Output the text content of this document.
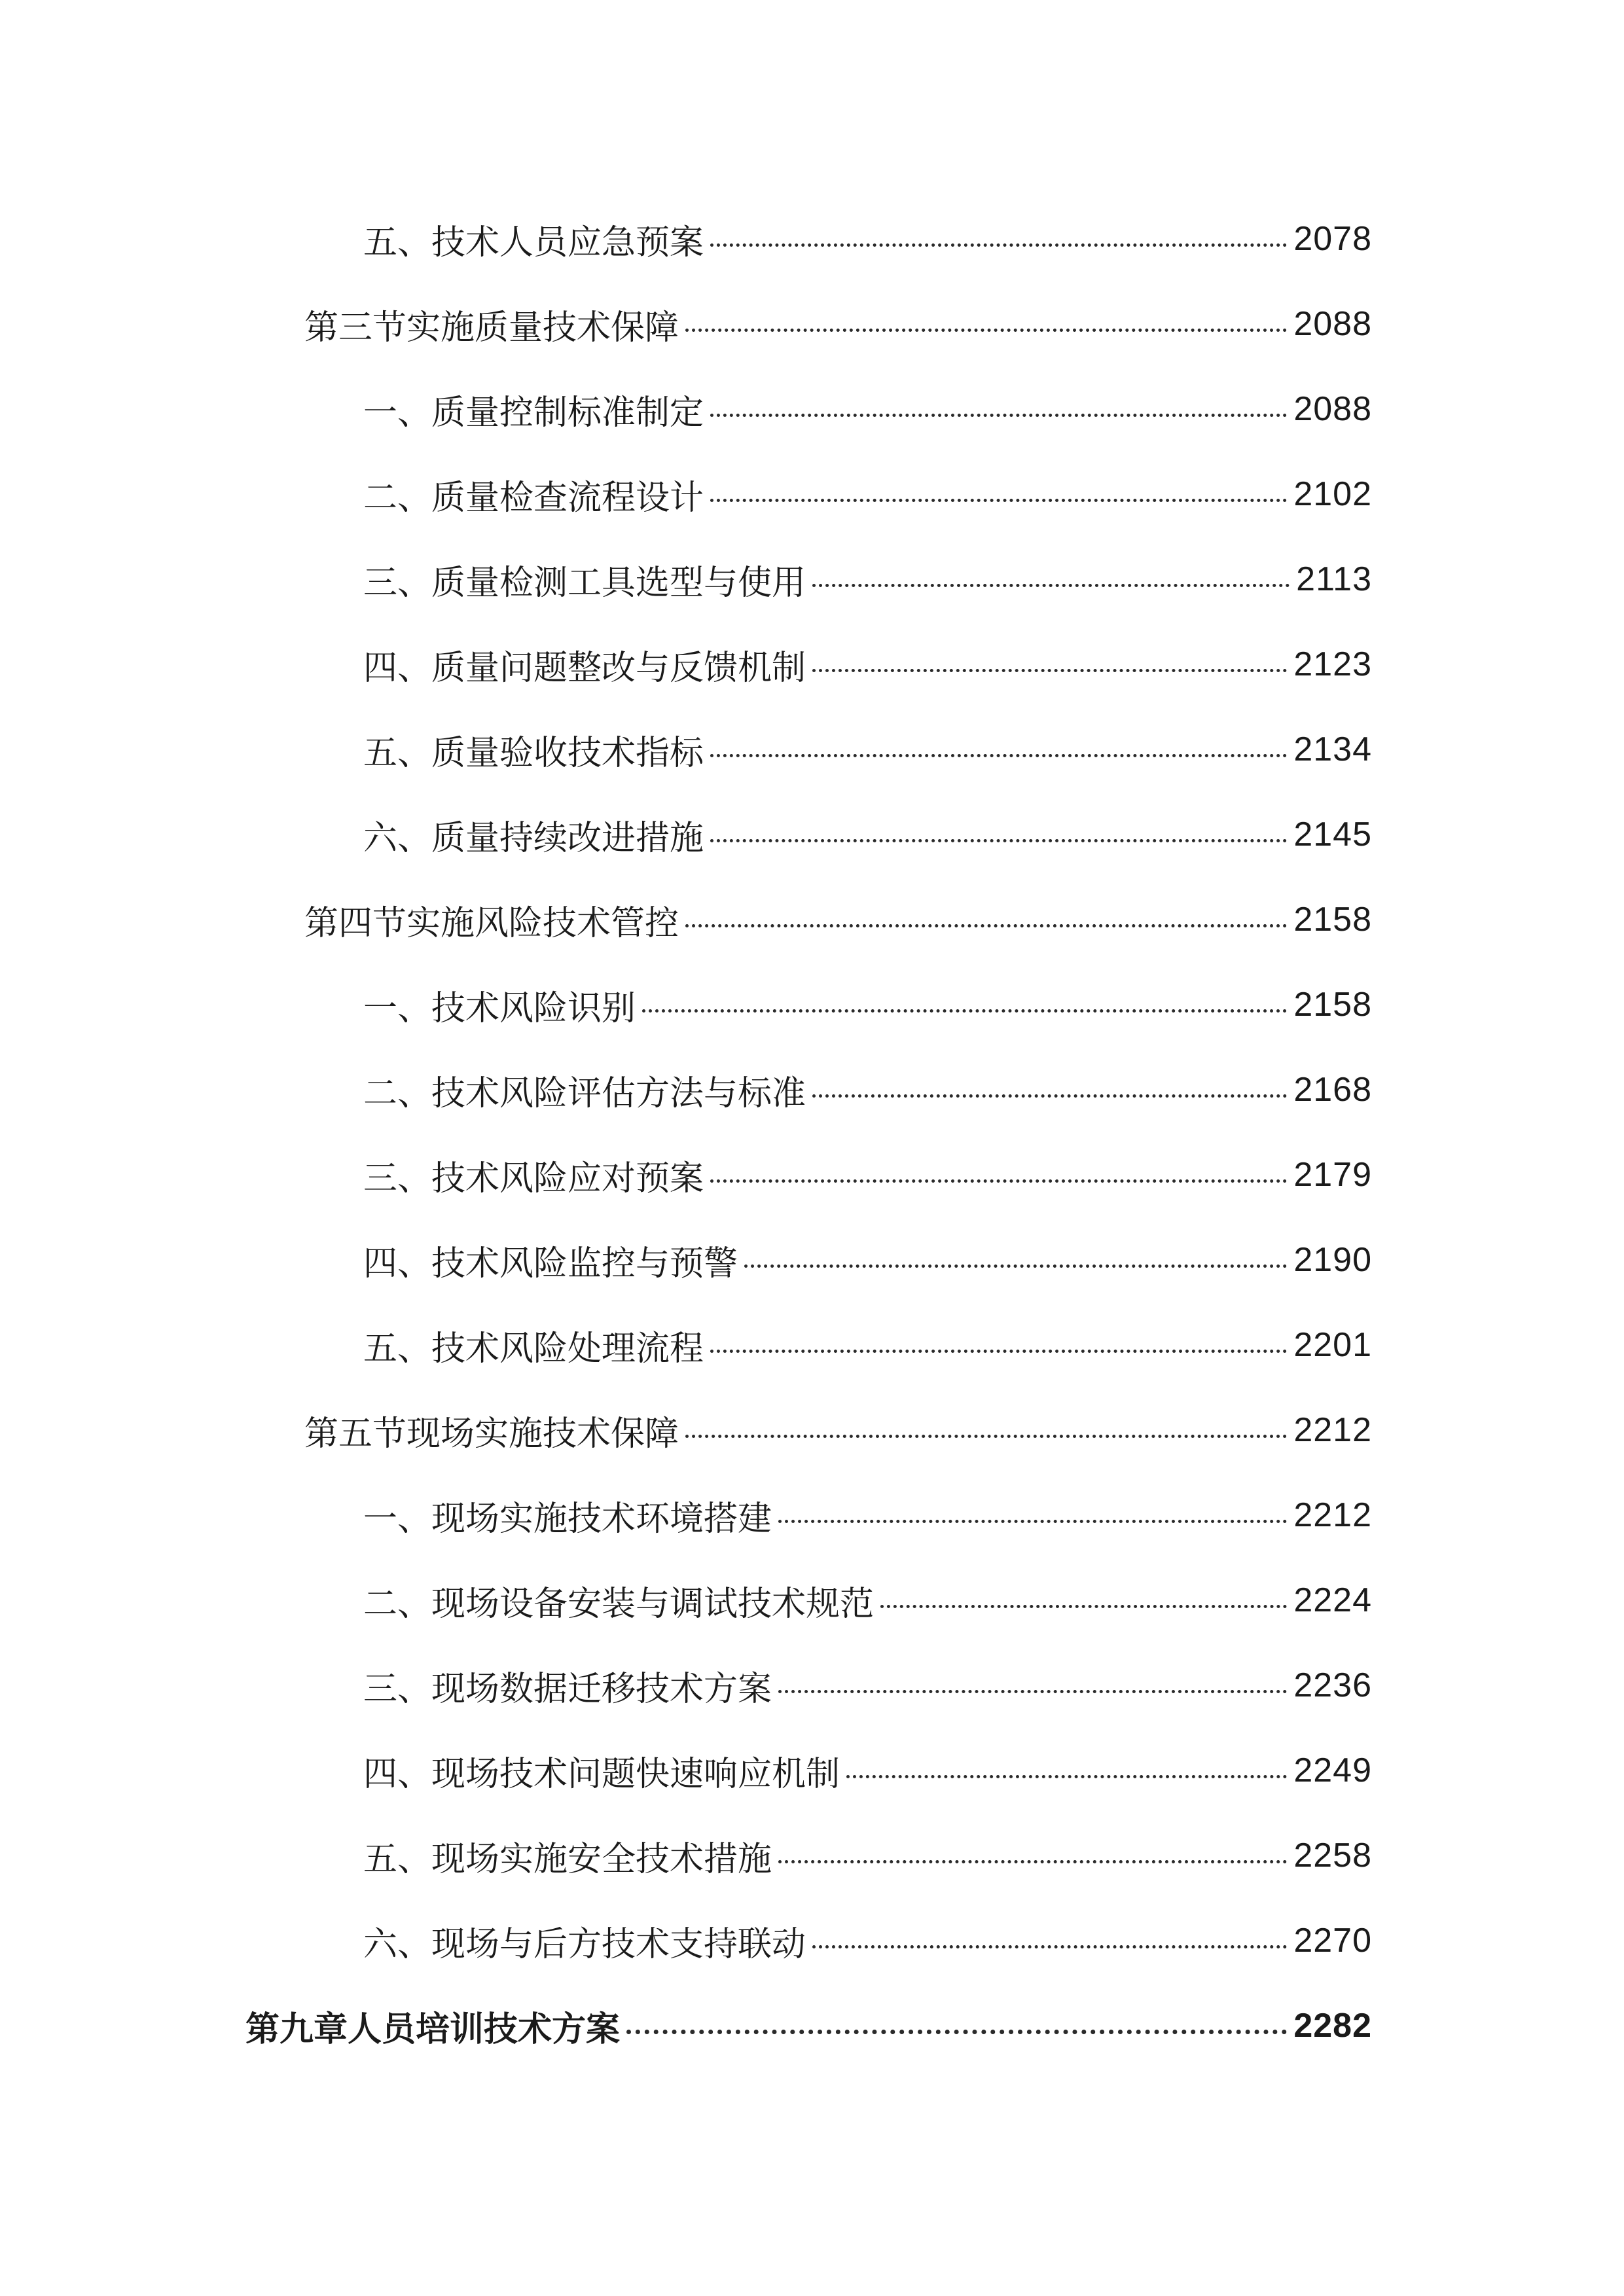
五、技术人员应急预案	2078
第三节实施质量技术保障	2088
一、质量控制标准制定	2088
二、质量检查流程设计	2102
三、质量检测工具选型与使用	2113
四、质量问题整改与反馈机制	2123
五、质量验收技术指标	2134
六、质量持续改进措施	2145
第四节实施风险技术管控	2158
一、技术风险识别	2158
二、技术风险评估方法与标准	2168
三、技术风险应对预案	2179
四、技术风险监控与预警	2190
五、技术风险处理流程	2201
第五节现场实施技术保障	2212
一、现场实施技术环境搭建	2212
二、现场设备安装与调试技术规范	2224
三、现场数据迁移技术方案	2236
四、现场技术问题快速响应机制	2249
五、现场实施安全技术措施	2258
六、现场与后方技术支持联动	2270
第九章人员培训技术方案	2282
